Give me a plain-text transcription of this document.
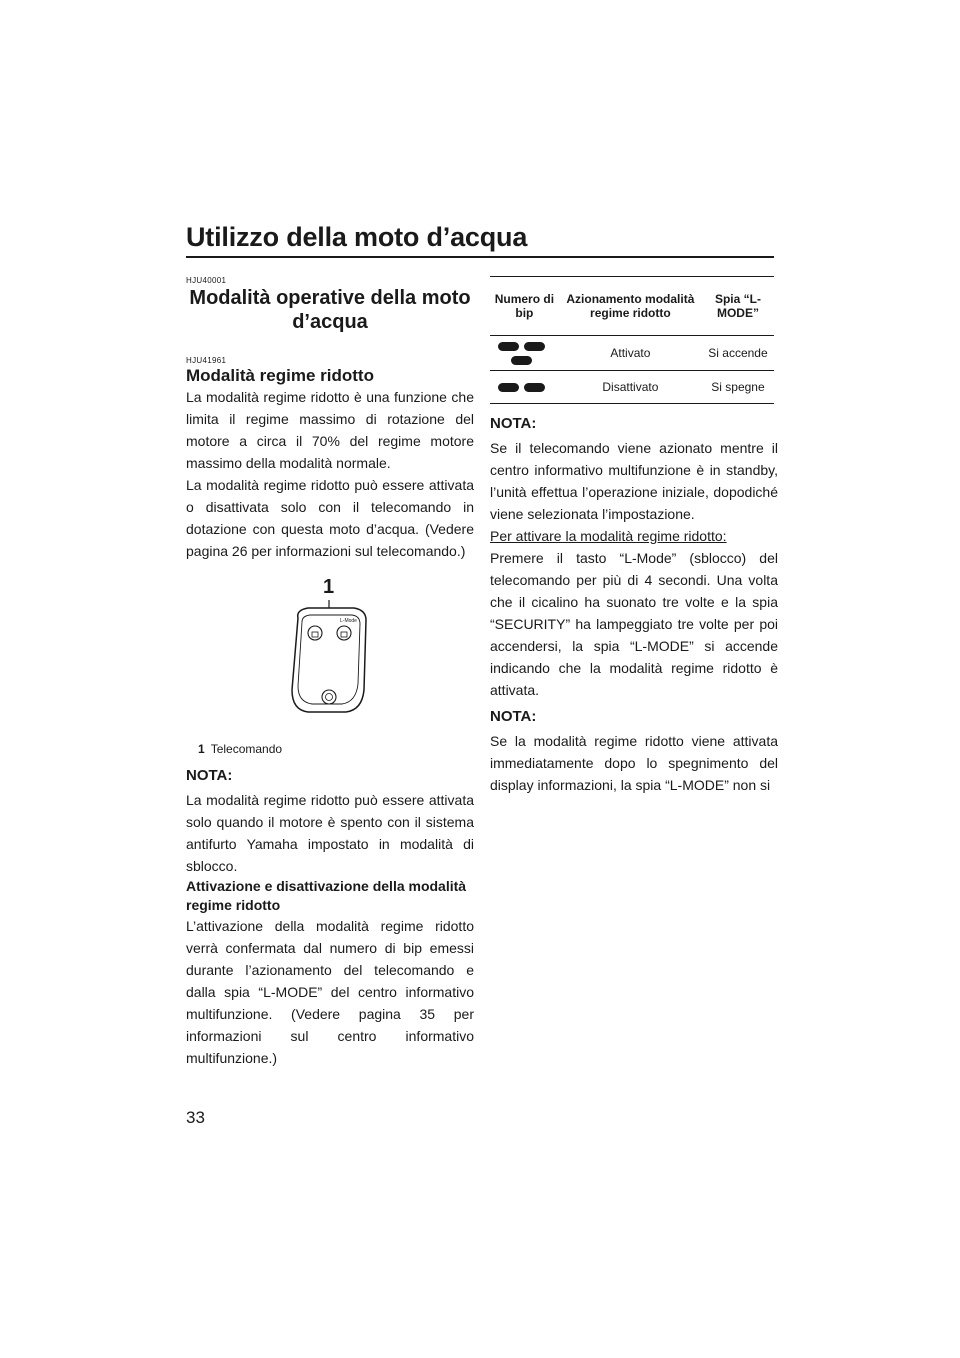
Utilizzo della moto d’acqua

HJU40001

Modalità operative della moto d’acqua

HJU41961

Modalità regime ridotto

La modalità regime ridotto è una funzione che limita il regime massimo di rotazione del motore a circa il 70% del regime motore massimo della modalità normale.

La modalità regime ridotto può essere attivata o disattivata solo con il telecomando in dotazione con questa moto d’acqua. (Vedere pagina 26 per informazioni sul telecomando.)

1
L-Mode
1 Telecomando

NOTA:

La modalità regime ridotto può essere attivata solo quando il motore è spento con il sistema antifurto Yamaha impostato in modalità di sblocco.

Attivazione e disattivazione della modalità regime ridotto

L’attivazione della modalità regime ridotto verrà confermata dal numero di bip emessi durante l’azionamento del telecomando e dalla spia “L-MODE” del centro informativo multifunzione. (Vedere pagina 35 per informazioni sul centro informativo multifunzione.)

Numero di bip	Azionamento modalità regime ridotto	Spia “L-MODE”
	Attivato	Si accende
	Disattivato	Si spegne

NOTA:

Se il telecomando viene azionato mentre il centro informativo multifunzione è in standby, l’unità effettua l’operazione iniziale, dopodiché viene selezionata l’impostazione.

Per attivare la modalità regime ridotto:

Premere il tasto “L-Mode” (sblocco) del telecomando per più di 4 secondi. Una volta che il cicalino ha suonato tre volte e la spia “SECURITY” ha lampeggiato tre volte per poi accendersi, la spia “L-MODE” si accende indicando che la modalità regime ridotto è attivata.

NOTA:

Se la modalità regime ridotto viene attivata immediatamente dopo lo spegnimento del display informazioni, la spia “L-MODE” non si

33
